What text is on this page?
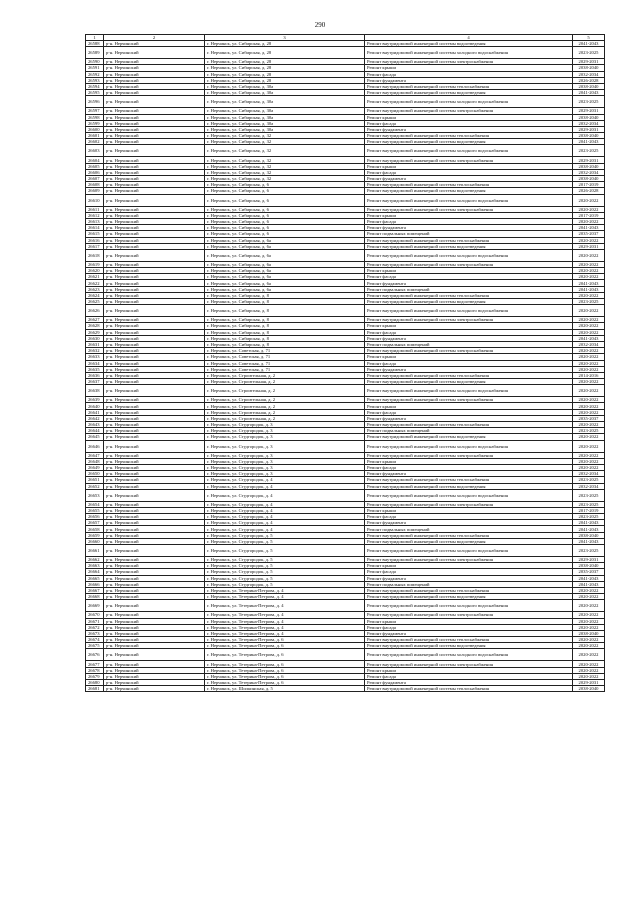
290
1	2	3	4	5
26588	р-н. Нерчинский	г. Нерчинск, ул. Сибирская, д. 28	Ремонт внутридомовой инженерной системы водоотведения	2041-2043
26589	р-н. Нерчинский	г. Нерчинск, ул. Сибирская, д. 28	Ремонт внутридомовой инженерной системы холодного водоснабжения	2023-2025
26590	р-н. Нерчинский	г. Нерчинск, ул. Сибирская, д. 28	Ремонт внутридомовой инженерной системы электроснабжения	2029-2031
26591	р-н. Нерчинский	г. Нерчинск, ул. Сибирская, д. 28	Ремонт крыши	2038-2040
26592	р-н. Нерчинский	г. Нерчинск, ул. Сибирская, д. 28	Ремонт фасада	2032-2034
26593	р-н. Нерчинский	г. Нерчинск, ул. Сибирская, д. 28	Ремонт фундамента	2026-2028
26594	р-н. Нерчинский	г. Нерчинск, ул. Сибирская, д. 30а	Ремонт внутридомовой инженерной системы теплоснабжения	2038-2040
26595	р-н. Нерчинский	г. Нерчинск, ул. Сибирская, д. 30а	Ремонт внутридомовой инженерной системы водоотведения	2041-2043
26596	р-н. Нерчинский	г. Нерчинск, ул. Сибирская, д. 30а	Ремонт внутридомовой инженерной системы холодного водоснабжения	2023-2025
26597	р-н. Нерчинский	г. Нерчинск, ул. Сибирская, д. 30а	Ремонт внутридомовой инженерной системы электроснабжения	2029-2031
26598	р-н. Нерчинский	г. Нерчинск, ул. Сибирская, д. 30а	Ремонт крыши	2038-2040
26599	р-н. Нерчинский	г. Нерчинск, ул. Сибирская, д. 30а	Ремонт фасада	2032-2034
26600	р-н. Нерчинский	г. Нерчинск, ул. Сибирская, д. 30а	Ремонт фундамента	2029-2031
26601	р-н. Нерчинский	г. Нерчинск, ул. Сибирская, д. 32	Ремонт внутридомовой инженерной системы теплоснабжения	2038-2040
26602	р-н. Нерчинский	г. Нерчинск, ул. Сибирская, д. 32	Ремонт внутридомовой инженерной системы водоотведения	2041-2043
26603	р-н. Нерчинский	г. Нерчинск, ул. Сибирская, д. 32	Ремонт внутридомовой инженерной системы холодного водоснабжения	2023-2025
26604	р-н. Нерчинский	г. Нерчинск, ул. Сибирская, д. 32	Ремонт внутридомовой инженерной системы электроснабжения	2029-2031
26605	р-н. Нерчинский	г. Нерчинск, ул. Сибирская, д. 32	Ремонт крыши	2038-2040
26606	р-н. Нерчинский	г. Нерчинск, ул. Сибирская, д. 32	Ремонт фасада	2032-2034
26607	р-н. Нерчинский	г. Нерчинск, ул. Сибирская, д. 32	Ремонт фундамента	2038-2040
26608	р-н. Нерчинский	г. Нерчинск, ул. Сибирская, д. 6	Ремонт внутридомовой инженерной системы теплоснабжения	2017-2019
26609	р-н. Нерчинский	г. Нерчинск, ул. Сибирская, д. 6	Ремонт внутридомовой инженерной системы водоотведения	2026-2028
26610	р-н. Нерчинский	г. Нерчинск, ул. Сибирская, д. 6	Ремонт внутридомовой инженерной системы холодного водоснабжения	2020-2022
26611	р-н. Нерчинский	г. Нерчинск, ул. Сибирская, д. 6	Ремонт внутридомовой инженерной системы электроснабжения	2020-2022
26612	р-н. Нерчинский	г. Нерчинск, ул. Сибирская, д. 6	Ремонт крыши	2017-2019
26613	р-н. Нерчинский	г. Нерчинск, ул. Сибирская, д. 6	Ремонт фасада	2020-2022
26614	р-н. Нерчинский	г. Нерчинск, ул. Сибирская, д. 6	Ремонт фундамента	2041-2043
26615	р-н. Нерчинский	г. Нерчинск, ул. Сибирская, д. 6	Ремонт подвальных помещений	2035-2037
26616	р-н. Нерчинский	г. Нерчинск, ул. Сибирская, д. 6а	Ремонт внутридомовой инженерной системы теплоснабжения	2020-2022
26617	р-н. Нерчинский	г. Нерчинск, ул. Сибирская, д. 6а	Ремонт внутридомовой инженерной системы водоотведения	2029-2031
26618	р-н. Нерчинский	г. Нерчинск, ул. Сибирская, д. 6а	Ремонт внутридомовой инженерной системы холодного водоснабжения	2020-2022
26619	р-н. Нерчинский	г. Нерчинск, ул. Сибирская, д. 6а	Ремонт внутридомовой инженерной системы электроснабжения	2020-2022
26620	р-н. Нерчинский	г. Нерчинск, ул. Сибирская, д. 6а	Ремонт крыши	2020-2022
26621	р-н. Нерчинский	г. Нерчинск, ул. Сибирская, д. 6а	Ремонт фасада	2020-2022
26622	р-н. Нерчинский	г. Нерчинск, ул. Сибирская, д. 6а	Ремонт фундамента	2041-2043
26623	р-н. Нерчинский	г. Нерчинск, ул. Сибирская, д. 6а	Ремонт подвальных помещений	2041-2043
26624	р-н. Нерчинский	г. Нерчинск, ул. Сибирская, д. 8	Ремонт внутридомовой инженерной системы теплоснабжения	2020-2022
26625	р-н. Нерчинский	г. Нерчинск, ул. Сибирская, д. 8	Ремонт внутридомовой инженерной системы водоотведения	2023-2025
26626	р-н. Нерчинский	г. Нерчинск, ул. Сибирская, д. 8	Ремонт внутридомовой инженерной системы холодного водоснабжения	2020-2022
26627	р-н. Нерчинский	г. Нерчинск, ул. Сибирская, д. 8	Ремонт внутридомовой инженерной системы электроснабжения	2020-2022
26628	р-н. Нерчинский	г. Нерчинск, ул. Сибирская, д. 8	Ремонт крыши	2020-2022
26629	р-н. Нерчинский	г. Нерчинск, ул. Сибирская, д. 8	Ремонт фасада	2020-2022
26630	р-н. Нерчинский	г. Нерчинск, ул. Сибирская, д. 8	Ремонт фундамента	2041-2043
26631	р-н. Нерчинский	г. Нерчинск, ул. Сибирская, д. 8	Ремонт подвальных помещений	2032-2034
26632	р-н. Нерчинский	г. Нерчинск, ул. Советская, д. 71	Ремонт внутридомовой инженерной системы электроснабжения	2020-2022
26633	р-н. Нерчинский	г. Нерчинск, ул. Советская, д. 71	Ремонт крыши	2020-2022
26634	р-н. Нерчинский	г. Нерчинск, ул. Советская, д. 71	Ремонт фасада	2020-2022
26635	р-н. Нерчинский	г. Нерчинск, ул. Советская, д. 71	Ремонт фундамента	2020-2022
26636	р-н. Нерчинский	г. Нерчинск, ул. Строительная, д. 2	Ремонт внутридомовой инженерной системы теплоснабжения	2014-2016
26637	р-н. Нерчинский	г. Нерчинск, ул. Строительная, д. 2	Ремонт внутридомовой инженерной системы водоотведения	2020-2022
26638	р-н. Нерчинский	г. Нерчинск, ул. Строительная, д. 2	Ремонт внутридомовой инженерной системы холодного водоснабжения	2020-2022
26639	р-н. Нерчинский	г. Нерчинск, ул. Строительная, д. 2	Ремонт внутридомовой инженерной системы электроснабжения	2020-2022
26640	р-н. Нерчинский	г. Нерчинск, ул. Строительная, д. 2	Ремонт крыши	2020-2022
26641	р-н. Нерчинский	г. Нерчинск, ул. Строительная, д. 2	Ремонт фасада	2020-2022
26642	р-н. Нерчинский	г. Нерчинск, ул. Строительная, д. 2	Ремонт фундамента	2035-2037
26643	р-н. Нерчинский	г. Нерчинск, ул. Студгородок, д. 3	Ремонт внутридомовой инженерной системы теплоснабжения	2020-2022
26644	р-н. Нерчинский	г. Нерчинск, ул. Студгородок, д. 3	Ремонт подвальных помещений	2023-2025
26645	р-н. Нерчинский	г. Нерчинск, ул. Студгородок, д. 3	Ремонт внутридомовой инженерной системы водоотведения	2020-2022
26646	р-н. Нерчинский	г. Нерчинск, ул. Студгородок, д. 3	Ремонт внутридомовой инженерной системы холодного водоснабжения	2020-2022
26647	р-н. Нерчинский	г. Нерчинск, ул. Студгородок, д. 3	Ремонт внутридомовой инженерной системы электроснабжения	2020-2022
26648	р-н. Нерчинский	г. Нерчинск, ул. Студгородок, д. 3	Ремонт крыши	2020-2022
26649	р-н. Нерчинский	г. Нерчинск, ул. Студгородок, д. 3	Ремонт фасада	2020-2022
26650	р-н. Нерчинский	г. Нерчинск, ул. Студгородок, д. 3	Ремонт фундамента	2032-2034
26651	р-н. Нерчинский	г. Нерчинск, ул. Студгородок, д. 4	Ремонт внутридомовой инженерной системы теплоснабжения	2023-2025
26652	р-н. Нерчинский	г. Нерчинск, ул. Студгородок, д. 4	Ремонт внутридомовой инженерной системы водоотведения	2032-2034
26653	р-н. Нерчинский	г. Нерчинск, ул. Студгородок, д. 4	Ремонт внутридомовой инженерной системы холодного водоснабжения	2023-2025
26654	р-н. Нерчинский	г. Нерчинск, ул. Студгородок, д. 4	Ремонт внутридомовой инженерной системы электроснабжения	2023-2025
26655	р-н. Нерчинский	г. Нерчинск, ул. Студгородок, д. 4	Ремонт крыши	2017-2019
26656	р-н. Нерчинский	г. Нерчинск, ул. Студгородок, д. 4	Ремонт фасада	2023-2025
26657	р-н. Нерчинский	г. Нерчинск, ул. Студгородок, д. 4	Ремонт фундамента	2041-2043
26658	р-н. Нерчинский	г. Нерчинск, ул. Студгородок, д. 4	Ремонт подвальных помещений	2041-2043
26659	р-н. Нерчинский	г. Нерчинск, ул. Студгородок, д. 5	Ремонт внутридомовой инженерной системы теплоснабжения	2038-2040
26660	р-н. Нерчинский	г. Нерчинск, ул. Студгородок, д. 5	Ремонт внутридомовой инженерной системы водоотведения	2041-2043
26661	р-н. Нерчинский	г. Нерчинск, ул. Студгородок, д. 5	Ремонт внутридомовой инженерной системы холодного водоснабжения	2023-2025
26662	р-н. Нерчинский	г. Нерчинск, ул. Студгородок, д. 5	Ремонт внутридомовой инженерной системы электроснабжения	2029-2031
26663	р-н. Нерчинский	г. Нерчинск, ул. Студгородок, д. 5	Ремонт крыши	2038-2040
26664	р-н. Нерчинский	г. Нерчинск, ул. Студгородок, д. 5	Ремонт фасада	2035-2037
26665	р-н. Нерчинский	г. Нерчинск, ул. Студгородок, д. 5	Ремонт фундамента	2041-2043
26666	р-н. Нерчинский	г. Нерчинск, ул. Студгородок, д. 5	Ремонт подвальных помещений	2041-2043
26667	р-н. Нерчинский	г. Нерчинск, ул. Тетерина-Петрова, д. 4	Ремонт внутридомовой инженерной системы теплоснабжения	2020-2022
26668	р-н. Нерчинский	г. Нерчинск, ул. Тетерина-Петрова, д. 4	Ремонт внутридомовой инженерной системы водоотведения	2020-2022
26669	р-н. Нерчинский	г. Нерчинск, ул. Тетерина-Петрова, д. 4	Ремонт внутридомовой инженерной системы холодного водоснабжения	2020-2022
26670	р-н. Нерчинский	г. Нерчинск, ул. Тетерина-Петрова, д. 4	Ремонт внутридомовой инженерной системы электроснабжения	2020-2022
26671	р-н. Нерчинский	г. Нерчинск, ул. Тетерина-Петрова, д. 4	Ремонт крыши	2020-2022
26672	р-н. Нерчинский	г. Нерчинск, ул. Тетерина-Петрова, д. 4	Ремонт фасада	2020-2022
26673	р-н. Нерчинский	г. Нерчинск, ул. Тетерина-Петрова, д. 4	Ремонт фундамента	2038-2040
26674	р-н. Нерчинский	г. Нерчинск, ул. Тетерина-Петрова, д. 6	Ремонт внутридомовой инженерной системы теплоснабжения	2020-2022
26675	р-н. Нерчинский	г. Нерчинск, ул. Тетерина-Петрова, д. 6	Ремонт внутридомовой инженерной системы водоотведения	2020-2022
26676	р-н. Нерчинский	г. Нерчинск, ул. Тетерина-Петрова, д. 6	Ремонт внутридомовой инженерной системы холодного водоснабжения	2020-2022
26677	р-н. Нерчинский	г. Нерчинск, ул. Тетерина-Петрова, д. 6	Ремонт внутридомовой инженерной системы электроснабжения	2020-2022
26678	р-н. Нерчинский	г. Нерчинск, ул. Тетерина-Петрова, д. 6	Ремонт крыши	2020-2022
26679	р-н. Нерчинский	г. Нерчинск, ул. Тетерина-Петрова, д. 6	Ремонт фасада	2020-2022
26680	р-н. Нерчинский	г. Нерчинск, ул. Тетерина-Петрова, д. 6	Ремонт фундамента	2029-2031
26681	р-н. Нерчинский	г. Нерчинск, ул. Шилкинская, д. 5	Ремонт внутридомовой инженерной системы теплоснабжения	2038-2040
